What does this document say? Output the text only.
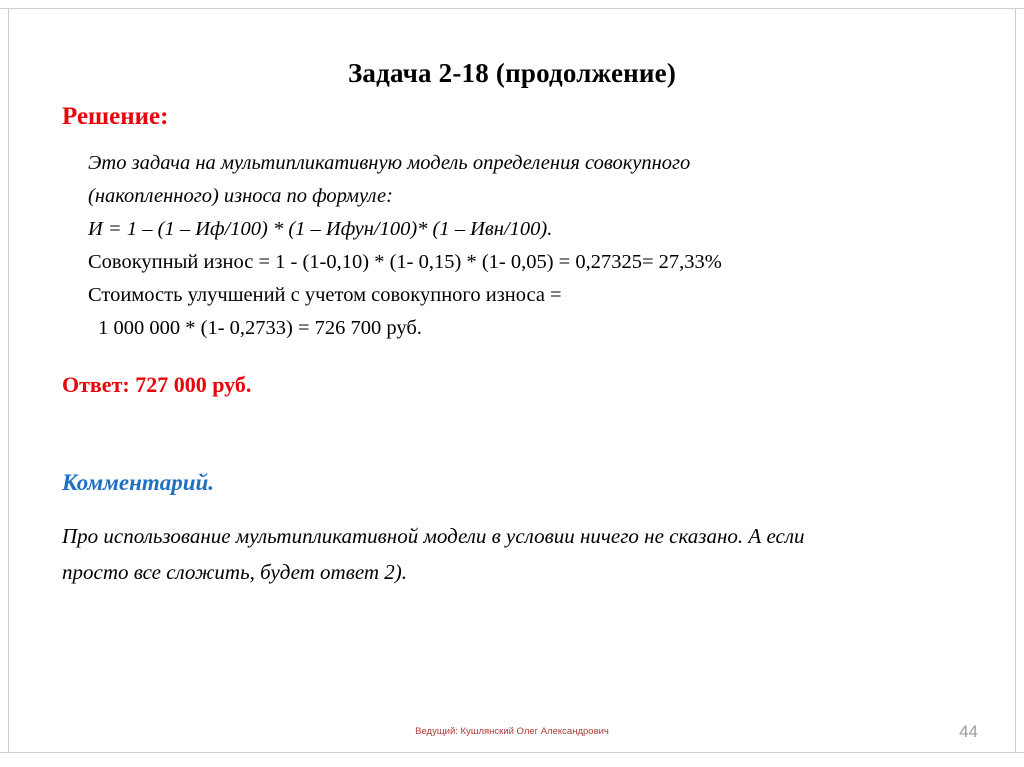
Задача 2-18 (продолжение)
Решение:
Это задача на мультипликативную модель определения совокупного
(накопленного) износа по формуле:
И = 1 – (1 – Иф/100) * (1 – Ифун/100)* (1 – Ивн/100).
Совокупный износ = 1 - (1-0,10) * (1- 0,15) * (1- 0,05) = 0,27325= 27,33%
Стоимость улучшений с учетом совокупного износа =
1 000 000 * (1- 0,2733) = 726 700 руб.
Ответ: 727 000 руб.
Комментарий.
Про использование мультипликативной модели в условии ничего не сказано. А если
просто все сложить, будет ответ 2).
Ведущий: Кушлянский Олег Александрович	44
